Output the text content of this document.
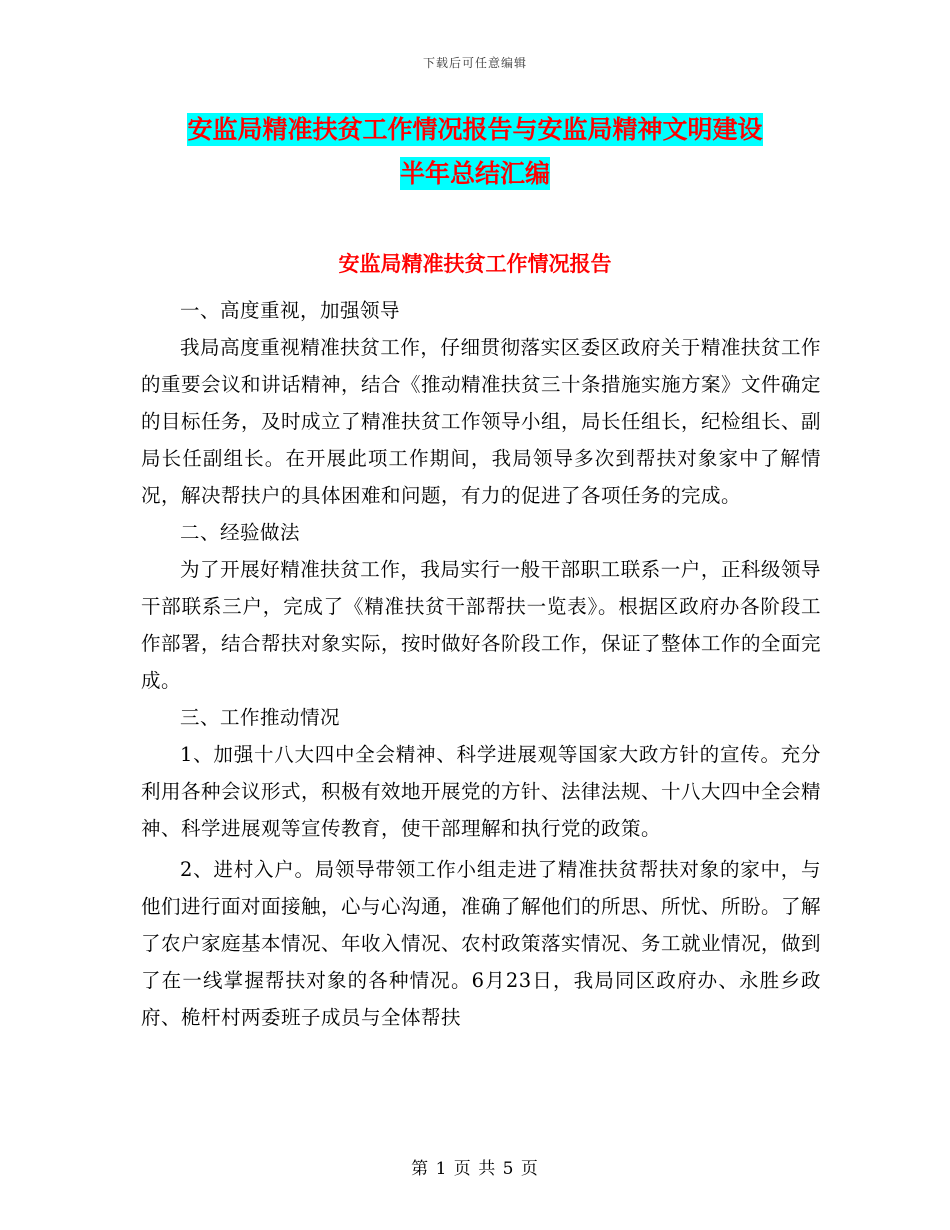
下载后可任意编辑
安监局精准扶贫工作情况报告与安监局精神文明建设
半年总结汇编
安监局精准扶贫工作情况报告

一、高度重视，加强领导

我局高度重视精准扶贫工作，仔细贯彻落实区委区政府关于精准扶贫工作的重要会议和讲话精神，结合《推动精准扶贫三十条措施实施方案》文件确定的目标任务，及时成立了精准扶贫工作领导小组，局长任组长，纪检组长、副局长任副组长。在开展此项工作期间，我局领导多次到帮扶对象家中了解情况，解决帮扶户的具体困难和问题，有力的促进了各项任务的完成。

二、经验做法

为了开展好精准扶贫工作，我局实行一般干部职工联系一户，正科级领导干部联系三户，完成了《精准扶贫干部帮扶一览表》。根据区政府办各阶段工作部署，结合帮扶对象实际，按时做好各阶段工作，保证了整体工作的全面完成。

三、工作推动情况

1、加强十八大四中全会精神、科学进展观等国家大政方针的宣传。充分利用各种会议形式，积极有效地开展党的方针、法律法规、十八大四中全会精神、科学进展观等宣传教育，使干部理解和执行党的政策。

2、进村入户。局领导带领工作小组走进了精准扶贫帮扶对象的家中，与他们进行面对面接触，心与心沟通，准确了解他们的所思、所忧、所盼。了解了农户家庭基本情况、年收入情况、农村政策落实情况、务工就业情况，做到了在一线掌握帮扶对象的各种情况。6月23日，我局同区政府办、永胜乡政府、桅杆村两委班子成员与全体帮扶

第 1 页 共 5 页
